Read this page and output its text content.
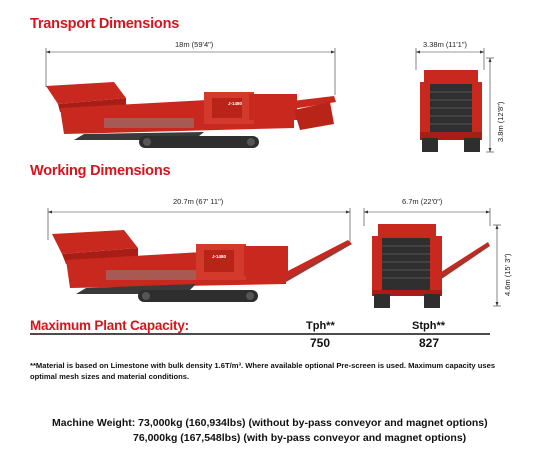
Transport Dimensions
Working Dimensions
18m (59'4")
J-1480
3.38m (11'1")
3.8m (12'8")
20.7m (67' 11")
J-1480
6.7m (22'0")
4.6m (15' 3")
Maximum Plant Capacity:	Tph**
750
Stph**
827
**Material is based on Limestone with bulk density 1.6T/m³. Where available optional Pre-screen is used. Maximum capacity uses optimal mesh sizes and material conditions.
Machine Weight: 73,000kg (160,934lbs) (without by-pass conveyor and magnet options)
76,000kg (167,548lbs) (with by-pass conveyor and magnet options)
